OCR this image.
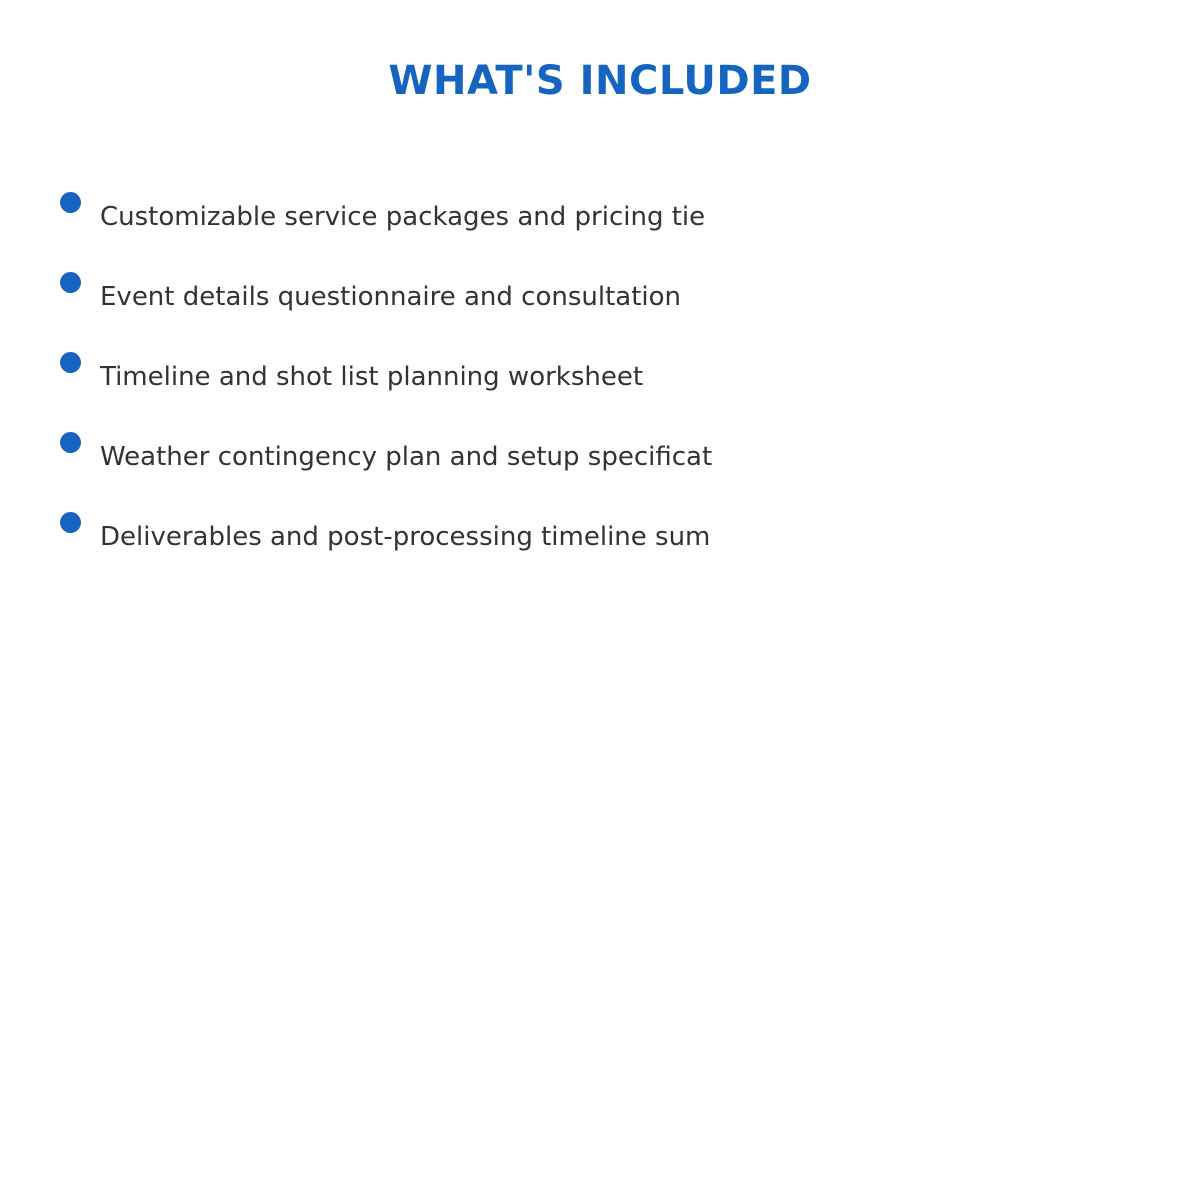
WHAT'S INCLUDED
Customizable service packages and pricing tie
Event details questionnaire and consultation
Timeline and shot list planning worksheet
Weather contingency plan and setup specificat
Deliverables and post-processing timeline sum
